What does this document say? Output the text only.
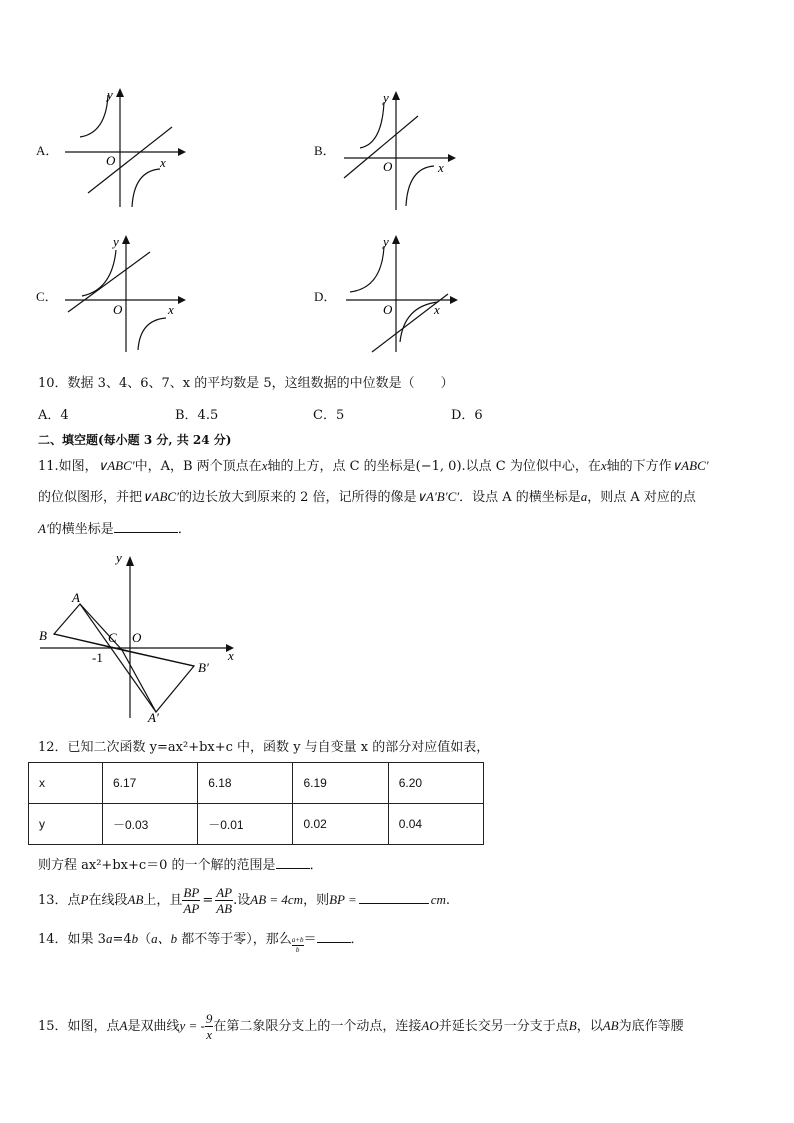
A．
y
O	x
B．
y
O	x
C．
y
O	x
D．
y
O	x
10．数据 3、4、6、7、x 的平均数是 5，这组数据的中位数是（　　）
A．4	B．4.5	C．5	D．6
二、填空题(每小题 3 分, 共 24 分)
11.如图，∨ABC′中，A，B 两个顶点在x轴的上方，点 C 的坐标是(−1, 0).以点 C 为位似中心，在x轴的下方作∨ABC′
的位似图形，并把∨ABC′的边长放大到原来的 2 倍，记所得的像是∨A′B′C′．设点 A 的横坐标是a，则点 A 对应的点
A′的横坐标是	．
y
x
A
B	C O
-1
B′
A′
12．已知二次函数 y=ax²+bx+c 中，函数 y 与自变量 x 的部分对应值如表，
x	6.17	6.18	6.19	6.20
y	－0.03	－0.01	0.02	0.04
则方程 ax²+bx+c＝0 的一个解的范围是	．
13．点P在线段AB上，且 $\frac{BP}{AP} = \frac{AP}{AB}$ .设AB = 4cm，则BP =	cm.
14．如果 3a=4b（a、b 都不等于零），那么 $\frac{a+b}{b}=$	．
15．如图，点A是双曲线y = - $\frac{9}{x}$ 在第二象限分支上的一个动点，连接AO并延长交另一分支于点B，以AB为底作等腰
